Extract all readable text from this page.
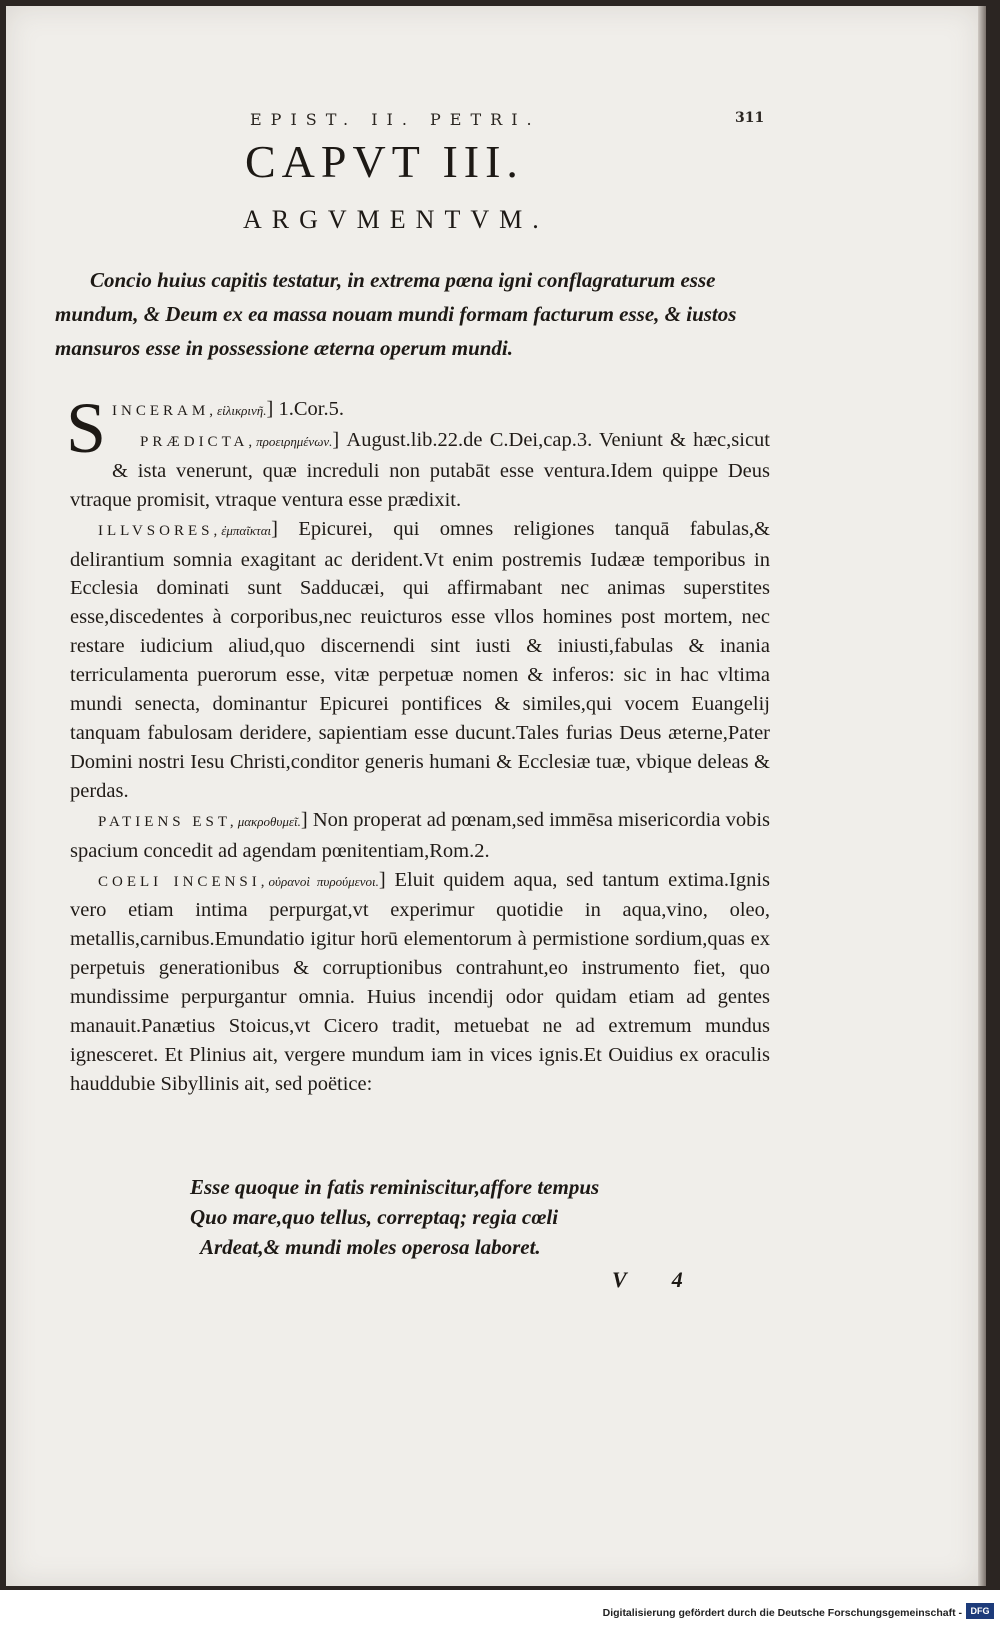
EPIST. II. PETRI.	311
CAPVT III.
ARGVMENTVM.
Concio huius capitis testatur, in extrema pœna igni conflagraturum esse mundum, & Deum ex ea massa nouam mundi formam facturum esse, & iustos mansuros esse in possessione æterna operum mundi.

S INCERAM,εἰλικρινῆ.] 1.Cor.5.

PRÆDICTA,προειρημένων.] August.lib.22.de C.Dei,cap.3. Veniunt & hæc,sicut & ista venerunt, quæ increduli non putabāt esse ventura.Idem quippe Deus vtraque promisit, vtraque ventura esse prædixit.

ILLVSORES,ἐμπαῖκται] Epicurei, qui omnes religiones tanquā fabulas,& delirantium somnia exagitant ac derident.Vt enim postremis Iudææ temporibus in Ecclesia dominati sunt Sadducæi, qui affirmabant nec animas superstites esse,discedentes à corporibus,nec reuicturos esse vllos homines post mortem, nec restare iudicium aliud,quo discernendi sint iusti & iniusti,fabulas & inania terriculamenta puerorum esse, vitæ perpetuæ nomen & inferos: sic in hac vltima mundi senecta, dominantur Epicurei pontifices & similes,qui vocem Euangelij tanquam fabulosam deridere, sapientiam esse ducunt.Tales furias Deus æterne,Pater Domini nostri Iesu Christi,conditor generis humani & Ecclesiæ tuæ, vbique deleas & perdas.

PATIENS EST,μακροθυμεῖ.] Non properat ad pœnam,sed immēsa misericordia vobis spacium concedit ad agendam pœnitentiam,Rom.2.

COELI INCENSI,οὐρανοὶ πυρούμενοι.] Eluit quidem aqua, sed tantum extima.Ignis vero etiam intima perpurgat,vt experimur quotidie in aqua,vino, oleo, metallis,carnibus.Emundatio igitur horū elementorum à permistione sordium,quas ex perpetuis generationibus & corruptionibus contrahunt,eo instrumento fiet, quo mundissime perpurgantur omnia. Huius incendij odor quidam etiam ad gentes manauit.Panætius Stoicus,vt Cicero tradit, metuebat ne ad extremum mundus ignesceret. Et Plinius ait, vergere mundum iam in vices ignis.Et Ouidius ex oraculis hauddubie Sibyllinis ait, sed poëtice:

Esse quoque in fatis reminiscitur,affore tempus
Quo mare,quo tellus, correptaq; regia cœli
Ardeat,& mundi moles operosa laboret.
V 4
Digitalisierung gefördert durch die Deutsche Forschungsgemeinschaft - DFG
